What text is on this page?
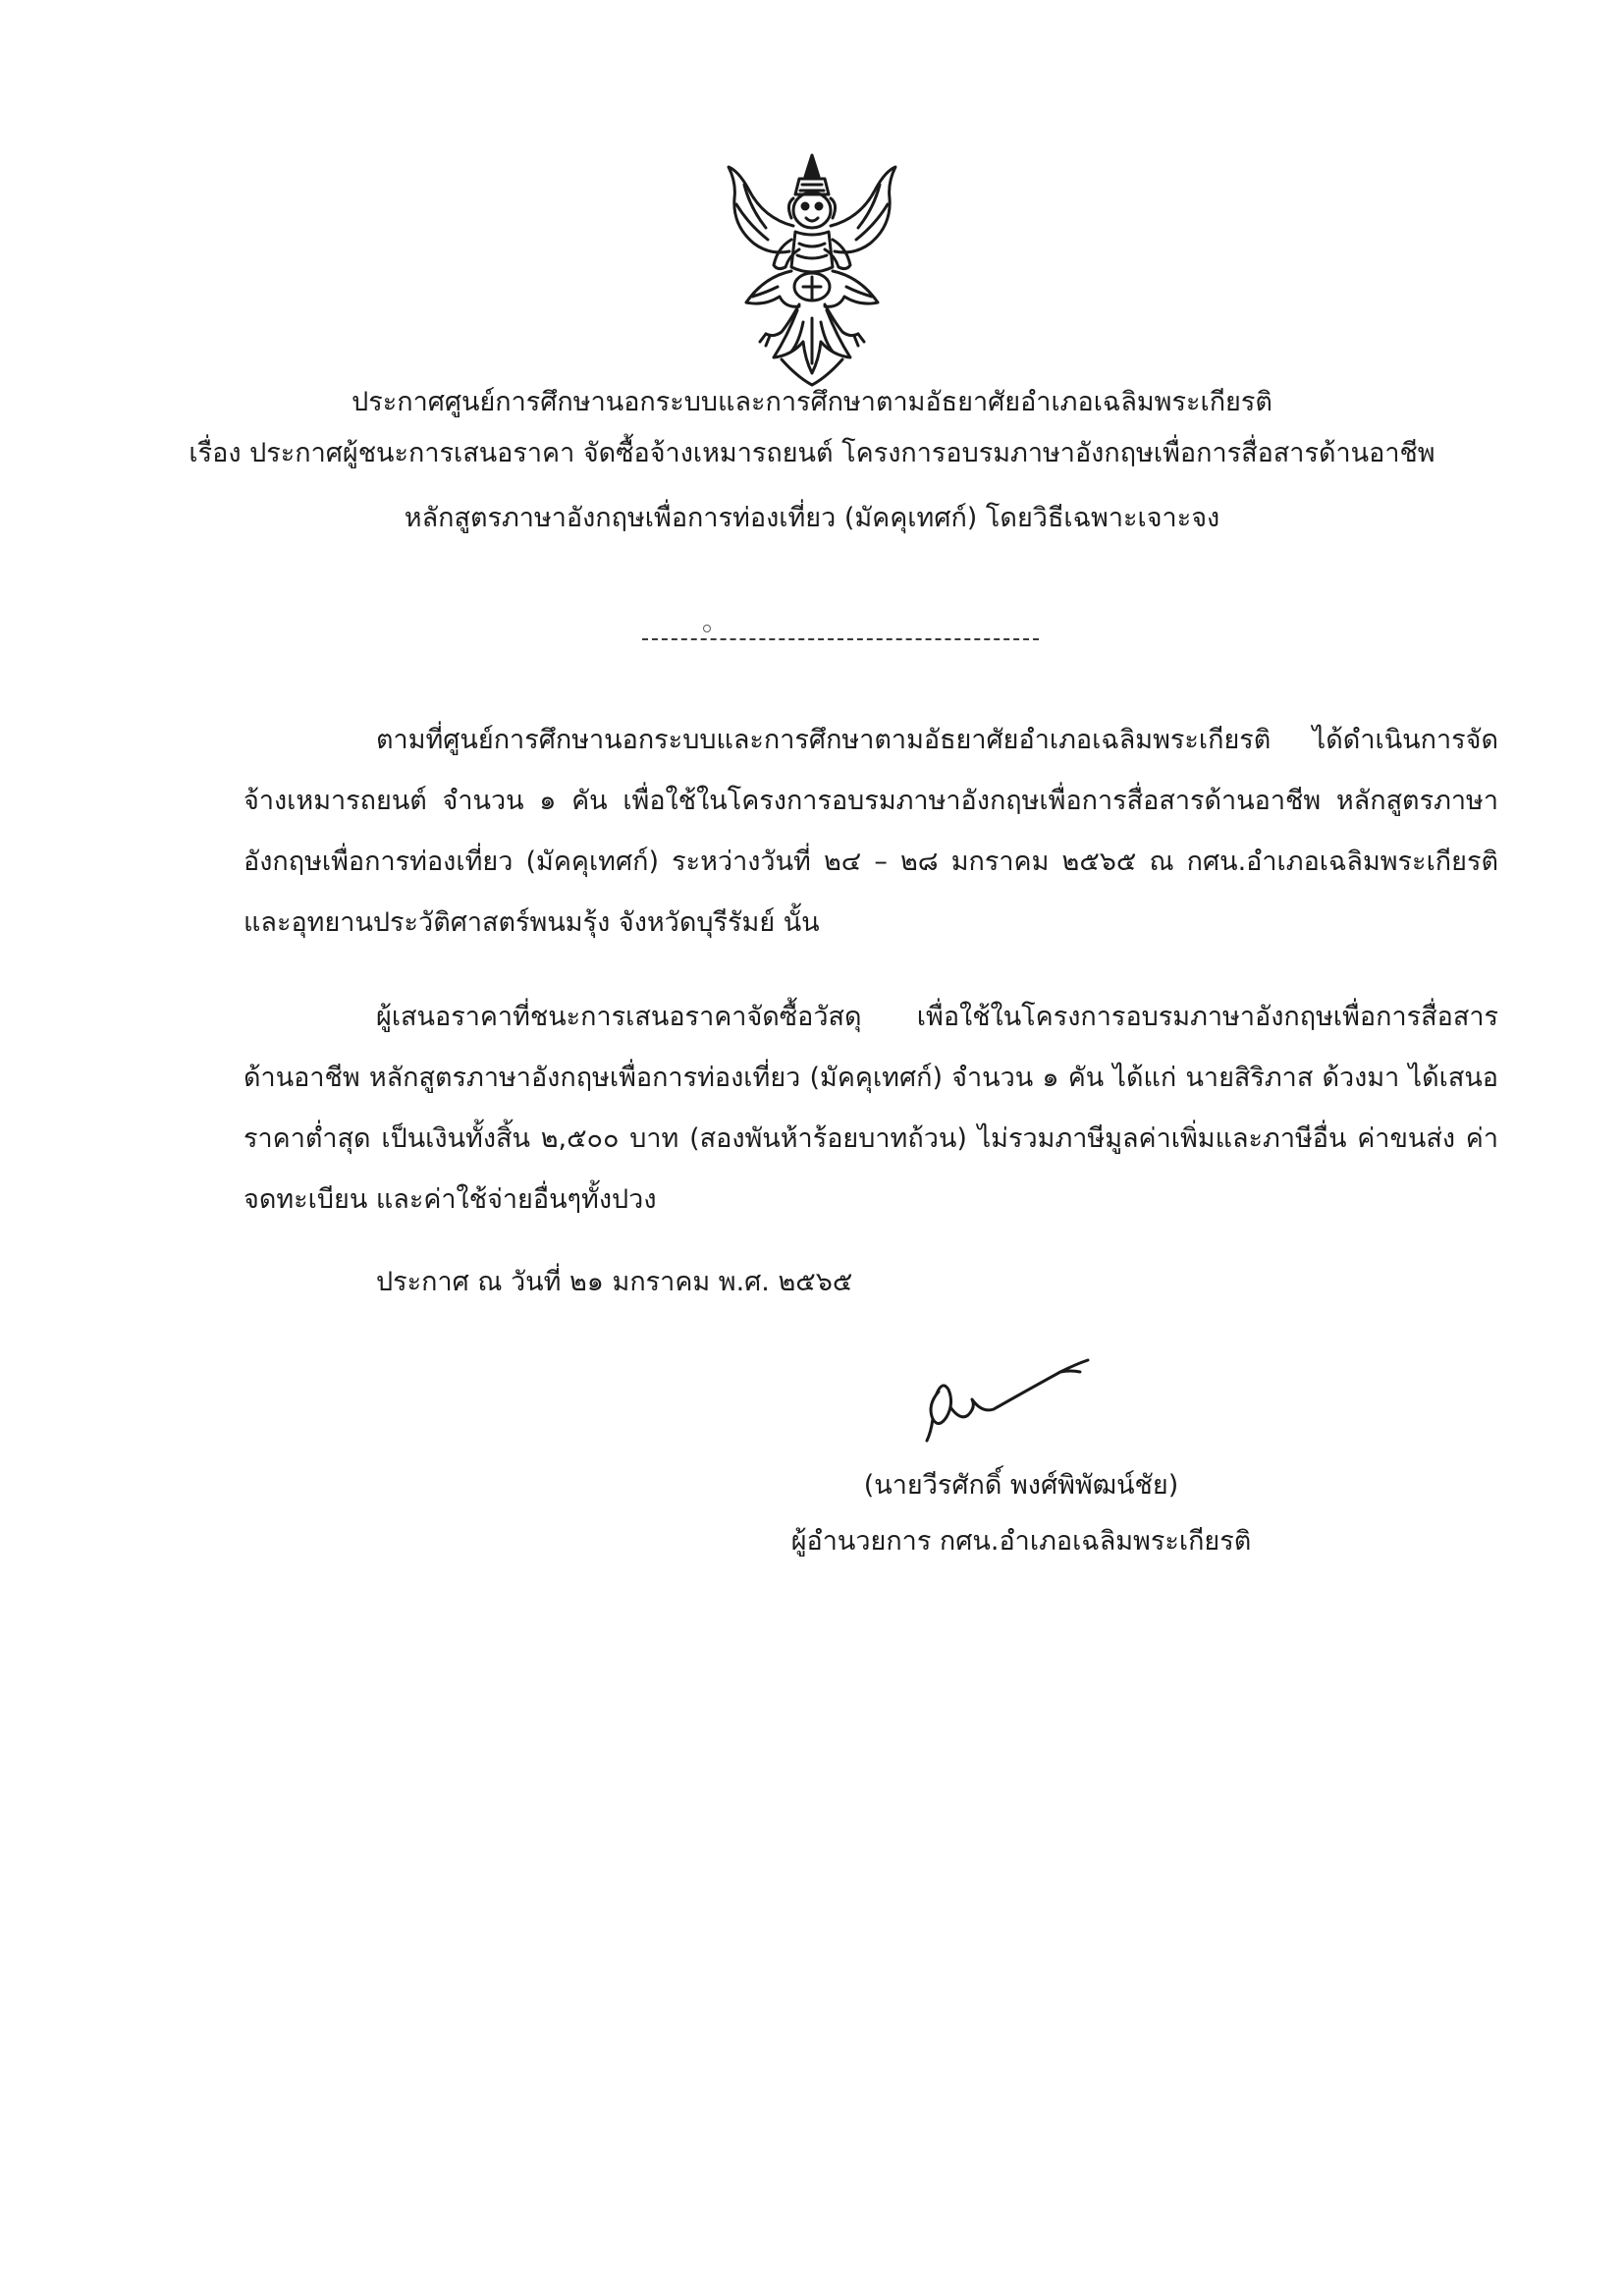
ประกาศศูนย์การศึกษานอกระบบและการศึกษาตามอัธยาศัยอำเภอเฉลิมพระเกียรติ
เรื่อง ประกาศผู้ชนะการเสนอราคา จัดซื้อจ้างเหมารถยนต์ โครงการอบรมภาษาอังกฤษเพื่อการสื่อสารด้านอาชีพ
หลักสูตรภาษาอังกฤษเพื่อการท่องเที่ยว (มัคคุเทศก์) โดยวิธีเฉพาะเจาะจง

ตามที่ศูนย์การศึกษานอกระบบและการศึกษาตามอัธยาศัยอำเภอเฉลิมพระเกียรติ ได้ดำเนินการจัดจ้างเหมารถยนต์ จำนวน ๑ คัน เพื่อใช้ในโครงการอบรมภาษาอังกฤษเพื่อการสื่อสารด้านอาชีพ หลักสูตรภาษาอังกฤษเพื่อการท่องเที่ยว (มัคคุเทศก์) ระหว่างวันที่ ๒๔ – ๒๘ มกราคม ๒๕๖๕ ณ กศน.อำเภอเฉลิมพระเกียรติ และอุทยานประวัติศาสตร์พนมรุ้ง จังหวัดบุรีรัมย์ นั้น

ผู้เสนอราคาที่ชนะการเสนอราคาจัดซื้อวัสดุ เพื่อใช้ในโครงการอบรมภาษาอังกฤษเพื่อการสื่อสารด้านอาชีพ หลักสูตรภาษาอังกฤษเพื่อการท่องเที่ยว (มัคคุเทศก์) จำนวน ๑ คัน ได้แก่ นายสิริภาส ด้วงมา ได้เสนอราคาต่ำสุด เป็นเงินทั้งสิ้น ๒,๕๐๐ บาท (สองพันห้าร้อยบาทถ้วน) ไม่รวมภาษีมูลค่าเพิ่มและภาษีอื่น ค่าขนส่ง ค่าจดทะเบียน และค่าใช้จ่ายอื่นๆทั้งปวง

ประกาศ ณ วันที่ ๒๑ มกราคม พ.ศ. ๒๕๖๕
(นายวีรศักดิ์ พงศ์พิพัฒน์ชัย)
ผู้อำนวยการ กศน.อำเภอเฉลิมพระเกียรติ
